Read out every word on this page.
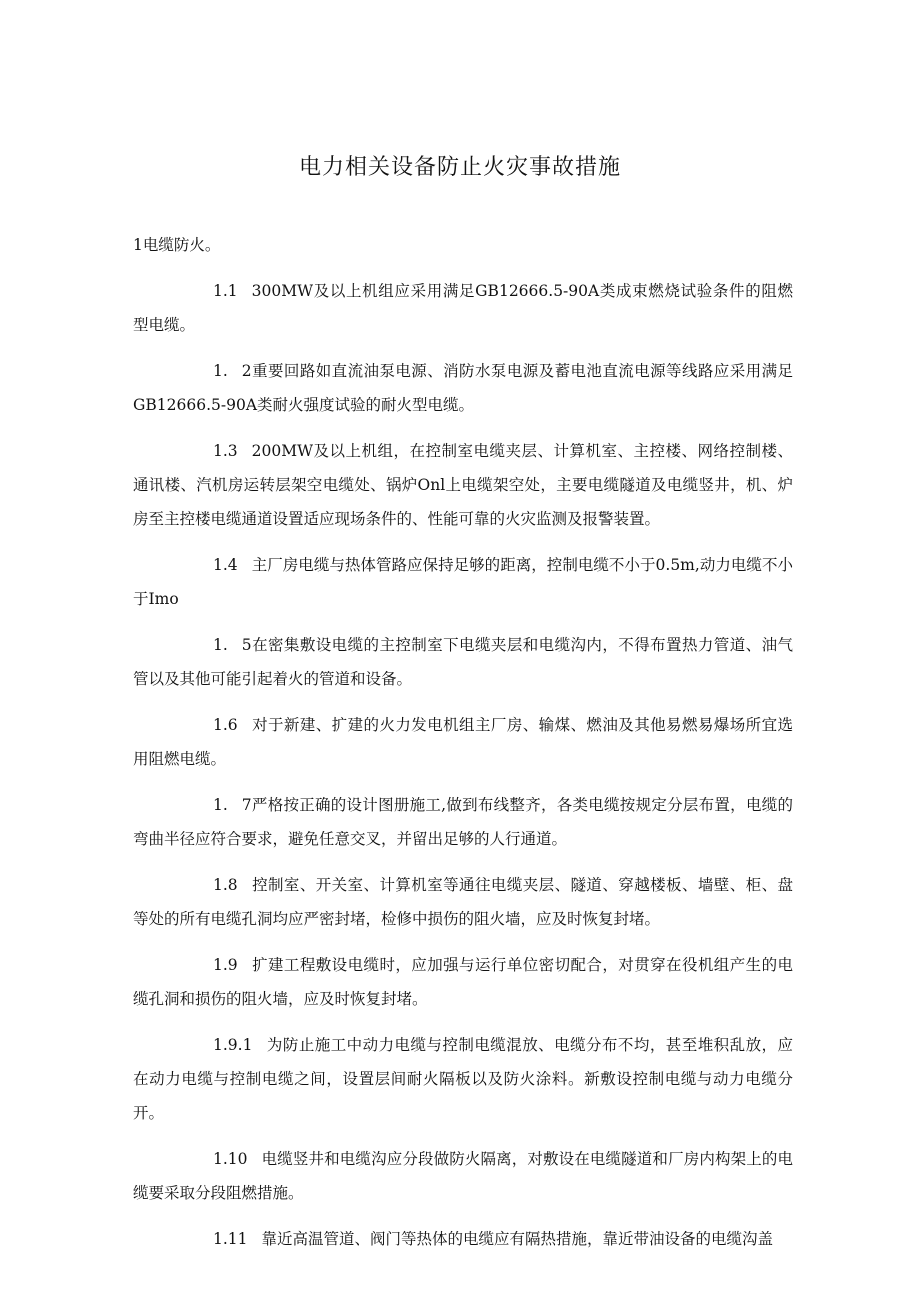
电力相关设备防止火灾事故措施

1电缆防火。

1.1 300MW及以上机组应采用满足GB12666.5-90A类成束燃烧试验条件的阻燃型电缆。

1. 2重要回路如直流油泵电源、消防水泵电源及蓄电池直流电源等线路应采用满足GB12666.5-90A类耐火强度试验的耐火型电缆。

1.3 200MW及以上机组，在控制室电缆夹层、计算机室、主控楼、网络控制楼、通讯楼、汽机房运转层架空电缆处、锅炉Onl上电缆架空处，主要电缆隧道及电缆竖井，机、炉房至主控楼电缆通道设置适应现场条件的、性能可靠的火灾监测及报警装置。

1.4 主厂房电缆与热体管路应保持足够的距离，控制电缆不小于0.5m,动力电缆不小于Imo

1. 5在密集敷设电缆的主控制室下电缆夹层和电缆沟内，不得布置热力管道、油气管以及其他可能引起着火的管道和设备。

1.6 对于新建、扩建的火力发电机组主厂房、输煤、燃油及其他易燃易爆场所宜选用阻燃电缆。

1. 7严格按正确的设计图册施工,做到布线整齐，各类电缆按规定分层布置，电缆的弯曲半径应符合要求，避免任意交叉，并留出足够的人行通道。

1.8 控制室、开关室、计算机室等通往电缆夹层、隧道、穿越楼板、墙壁、柜、盘等处的所有电缆孔洞均应严密封堵，检修中损伤的阻火墙，应及时恢复封堵。

1.9 扩建工程敷设电缆时，应加强与运行单位密切配合，对贯穿在役机组产生的电缆孔洞和损伤的阻火墙，应及时恢复封堵。

1.9.1 为防止施工中动力电缆与控制电缆混放、电缆分布不均，甚至堆积乱放，应在动力电缆与控制电缆之间，设置层间耐火隔板以及防火涂料。新敷设控制电缆与动力电缆分开。

1.10 电缆竖井和电缆沟应分段做防火隔离，对敷设在电缆隧道和厂房内构架上的电缆要采取分段阻燃措施。

1.11 靠近高温管道、阀门等热体的电缆应有隔热措施，靠近带油设备的电缆沟盖
